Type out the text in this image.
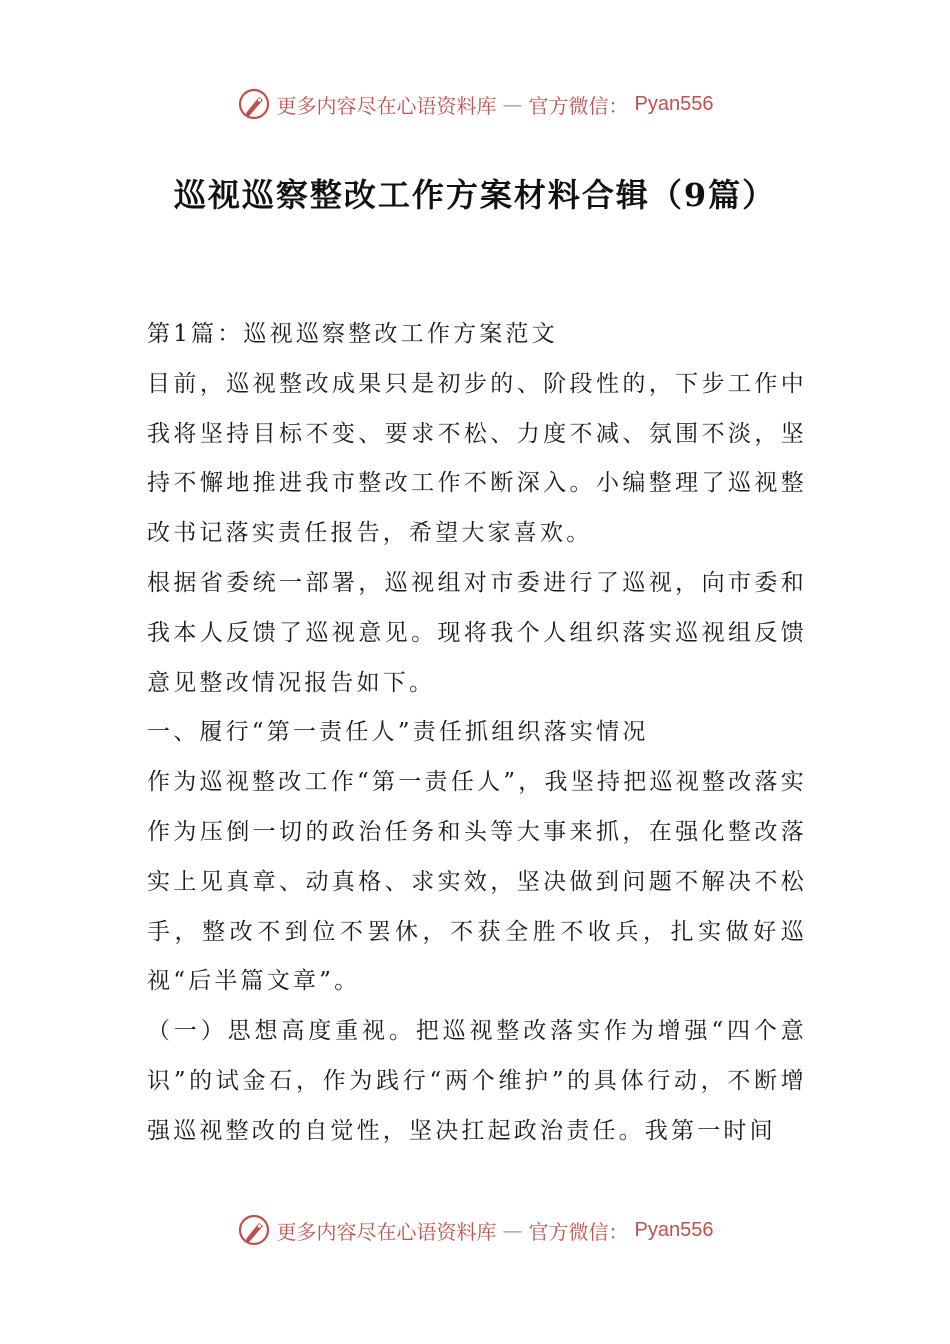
更多内容尽在心语资料库 — 官方微信： Pyan556
巡视巡察整改工作方案材料合辑（9篇）

第1篇：巡视巡察整改工作方案范文

目前，巡视整改成果只是初步的、阶段性的，下步工作中我将坚持目标不变、要求不松、力度不减、氛围不淡，坚持不懈地推进我市整改工作不断深入。小编整理了巡视整改书记落实责任报告，希望大家喜欢。

根据省委统一部署，巡视组对市委进行了巡视，向市委和我本人反馈了巡视意见。现将我个人组织落实巡视组反馈意见整改情况报告如下。

一、履行“第一责任人”责任抓组织落实情况

作为巡视整改工作“第一责任人”，我坚持把巡视整改落实作为压倒一切的政治任务和头等大事来抓，在强化整改落实上见真章、动真格、求实效，坚决做到问题不解决不松手，整改不到位不罢休，不获全胜不收兵，扎实做好巡视“后半篇文章”。

（一）思想高度重视。把巡视整改落实作为增强“四个意识”的试金石，作为践行“两个维护”的具体行动，不断增强巡视整改的自觉性，坚决扛起政治责任。我第一时间

更多内容尽在心语资料库 — 官方微信： Pyan556
